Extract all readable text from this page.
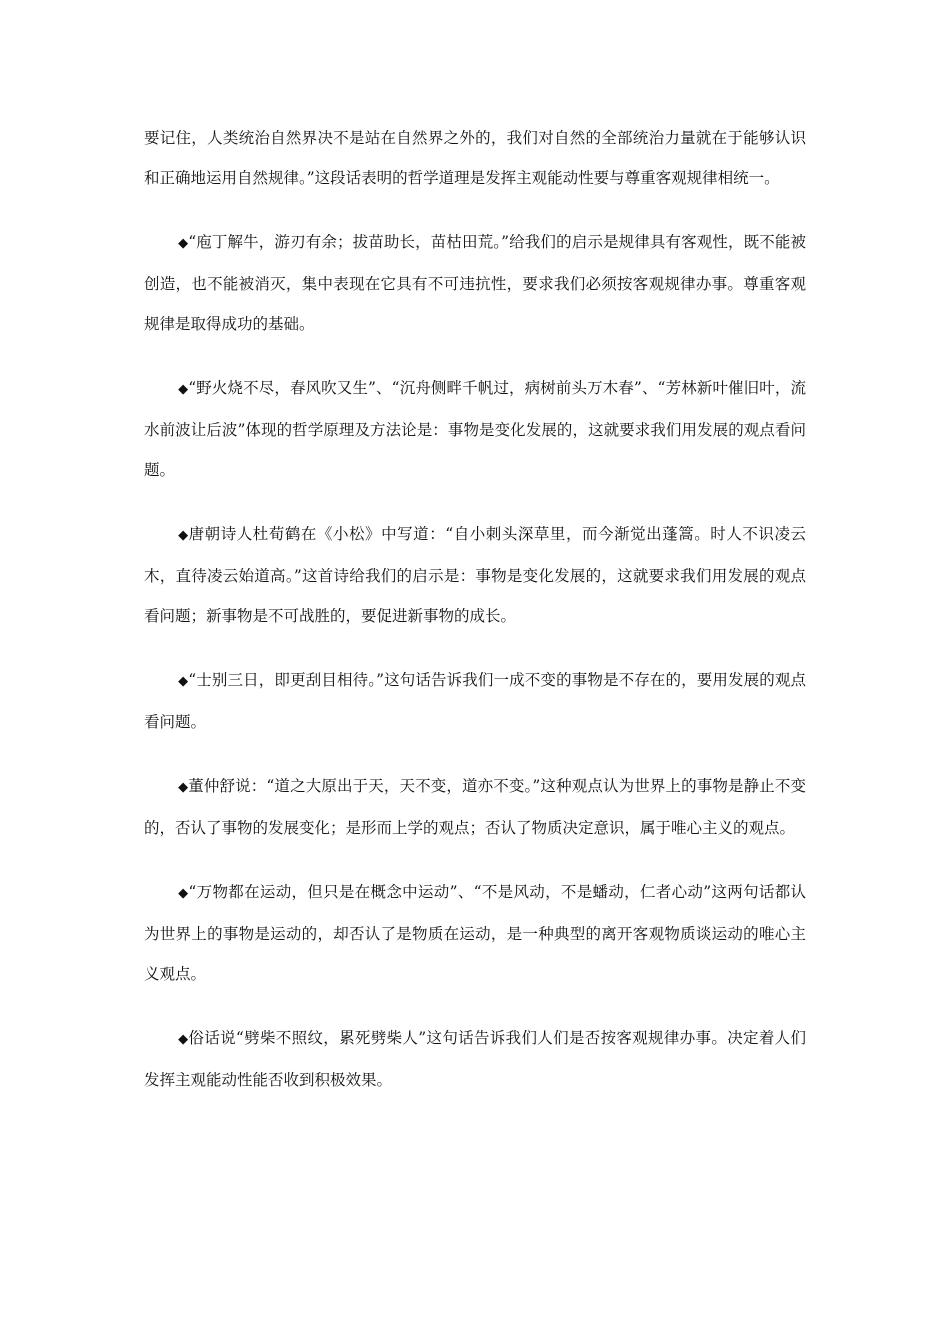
要记住，人类统治自然界决不是站在自然界之外的，我们对自然的全部统治力量就在于能够认识和正确地运用自然规律。”这段话表明的哲学道理是发挥主观能动性要与尊重客观规律相统一。

◆“庖丁解牛，游刃有余；拔苗助长，苗枯田荒。”给我们的启示是规律具有客观性，既不能被创造，也不能被消灭，集中表现在它具有不可违抗性，要求我们必须按客观规律办事。尊重客观规律是取得成功的基础。

◆“野火烧不尽，春风吹又生”、“沉舟侧畔千帆过，病树前头万木春”、“芳林新叶催旧叶，流水前波让后波”体现的哲学原理及方法论是：事物是变化发展的，这就要求我们用发展的观点看问题。

◆唐朝诗人杜荀鹤在《小松》中写道：“自小刺头深草里，而今渐觉出蓬篙。时人不识凌云木，直待凌云始道高。”这首诗给我们的启示是：事物是变化发展的，这就要求我们用发展的观点看问题；新事物是不可战胜的，要促进新事物的成长。

◆“士别三日，即更刮目相待。”这句话告诉我们一成不变的事物是不存在的，要用发展的观点看问题。

◆董仲舒说：“道之大原出于天，天不变，道亦不变。”这种观点认为世界上的事物是静止不变的，否认了事物的发展变化；是形而上学的观点；否认了物质决定意识，属于唯心主义的观点。

◆“万物都在运动，但只是在概念中运动”、“不是风动，不是蟠动，仁者心动”这两句话都认为世界上的事物是运动的，却否认了是物质在运动，是一种典型的离开客观物质谈运动的唯心主义观点。

◆俗话说“劈柴不照纹，累死劈柴人”这句话告诉我们人们是否按客观规律办事。决定着人们发挥主观能动性能否收到积极效果。
